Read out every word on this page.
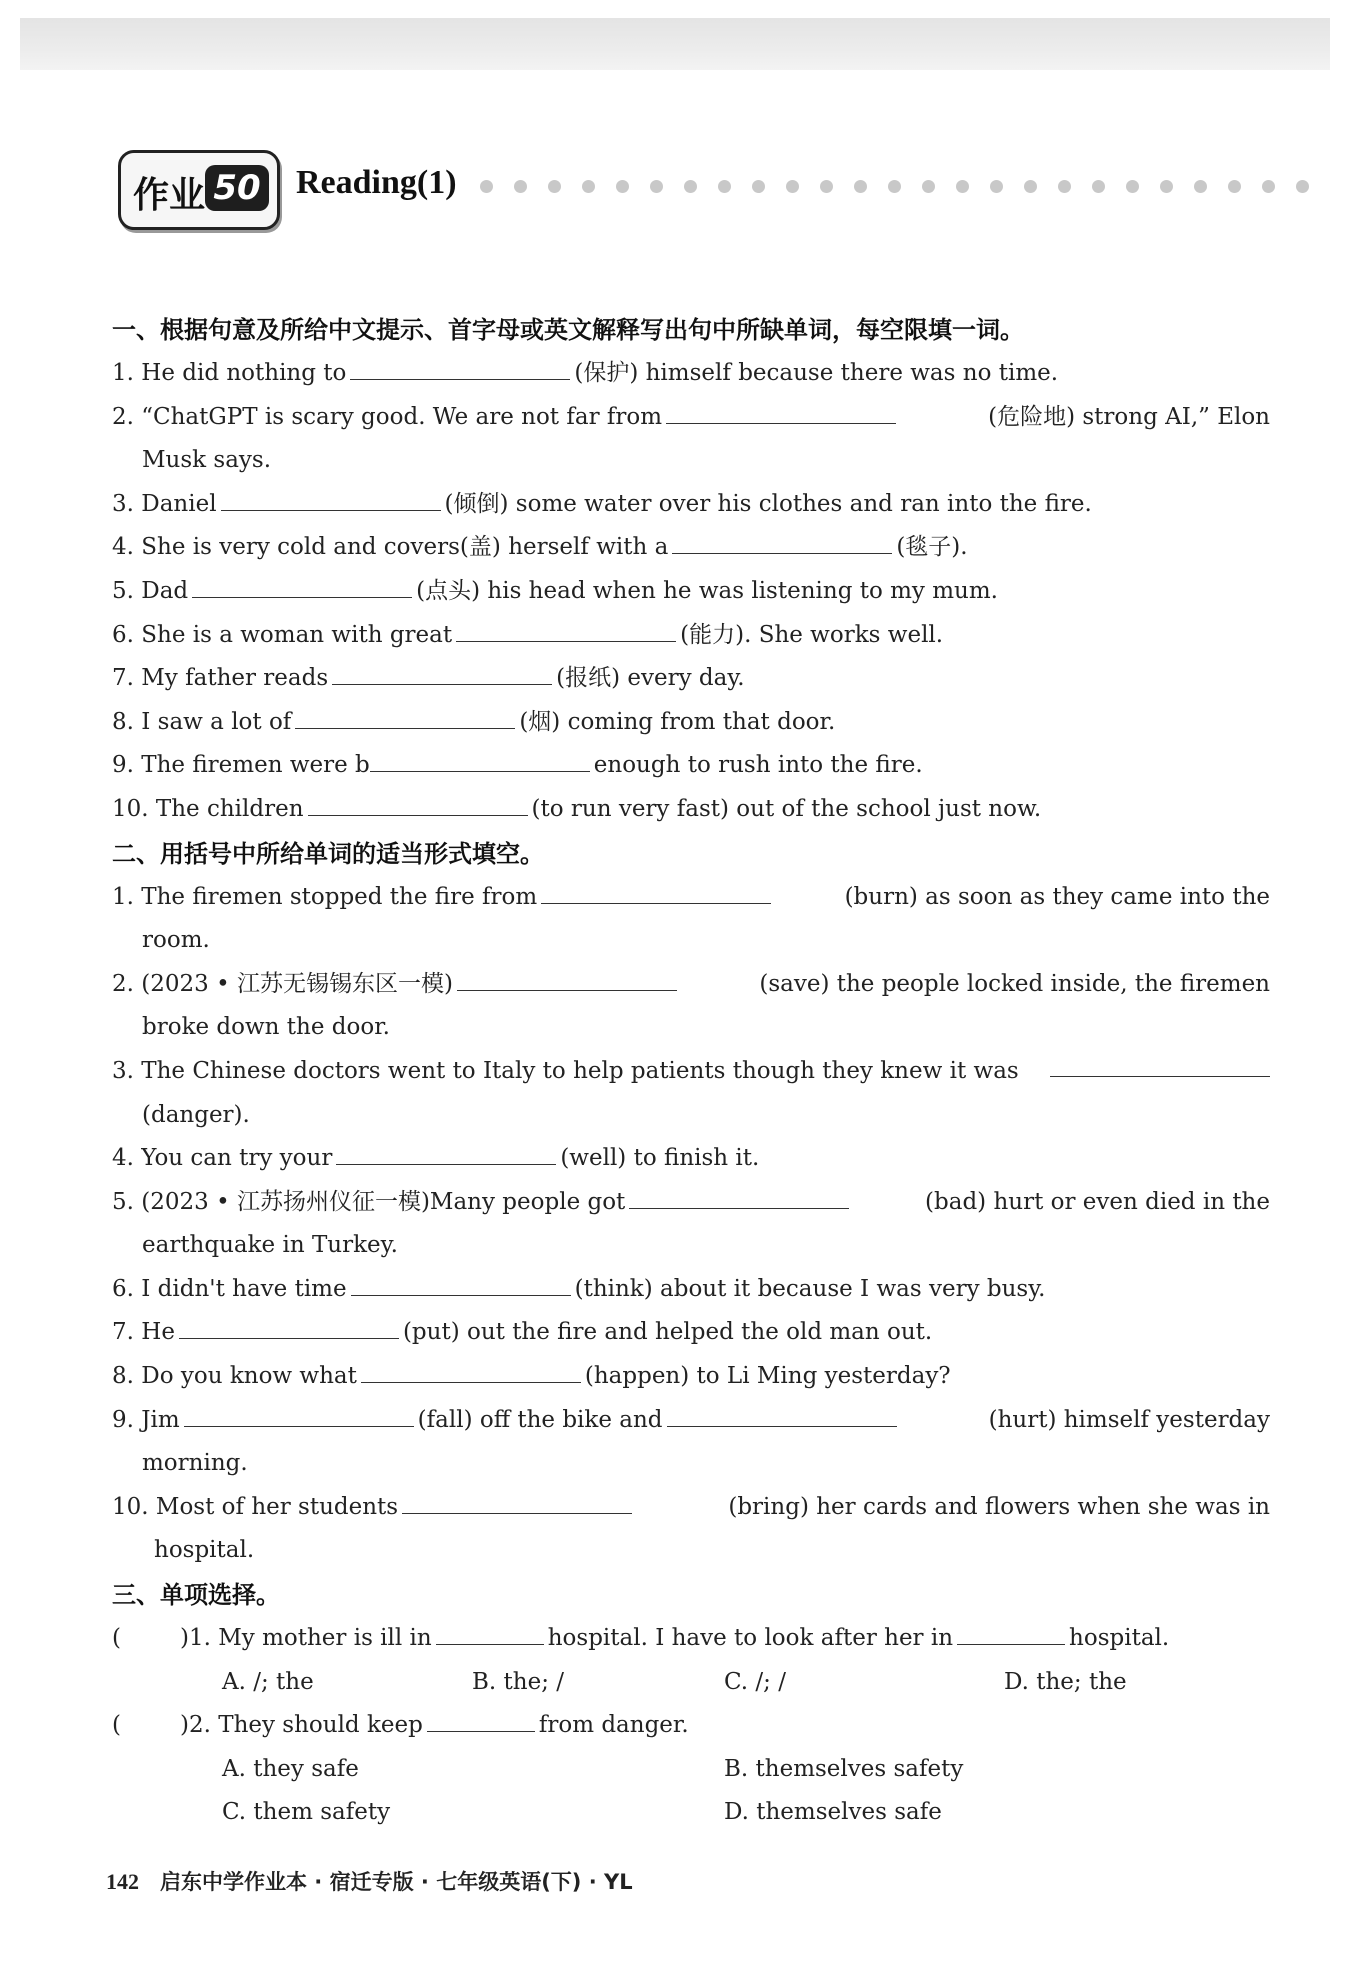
作业 50 Reading(1)
一、根据句意及所给中文提示、首字母或英文解释写出句中所缺单词，每空限填一词。
1. He did nothing to	(保护) himself because there was no time.
2. “ChatGPT is scary good. We are not far from	(危险地) strong AI,” Elon
Musk says.
3. Daniel	(倾倒) some water over his clothes and ran into the fire.
4. She is very cold and covers(盖) herself with a	(毯子).
5. Dad	(点头) his head when he was listening to my mum.
6. She is a woman with great	(能力). She works well.
7. My father reads	(报纸) every day.
8. I saw a lot of	(烟) coming from that door.
9. The firemen were b	enough to rush into the fire.
10. The children	(to run very fast) out of the school just now.
二、用括号中所给单词的适当形式填空。
1. The firemen stopped the fire from	(burn) as soon as they came into the
room.
2. (2023 • 江苏无锡锡东区一模)	(save) the people locked inside, the firemen
broke down the door.
3. The Chinese doctors went to Italy to help patients though they knew it was
(danger).
4. You can try your	(well) to finish it.
5. (2023 • 江苏扬州仪征一模)Many people got	(bad) hurt or even died in the
earthquake in Turkey.
6. I didn't have time	(think) about it because I was very busy.
7. He	(put) out the fire and helped the old man out.
8. Do you know what	(happen) to Li Ming yesterday?
9. Jim	(fall) off the bike and	(hurt) himself yesterday
morning.
10. Most of her students	(bring) her cards and flowers when she was in
hospital.
三、单项选择。
(	)1. My mother is ill in	hospital. I have to look after her in	hospital.
A. /; the	B. the; /	C. /; /	D. the; the
(	)2. They should keep	from danger.
A. they safe	B. themselves safety
C. them safety	D. themselves safe
142 启东中学作业本 · 宿迁专版 · 七年级英语(下) · YL
